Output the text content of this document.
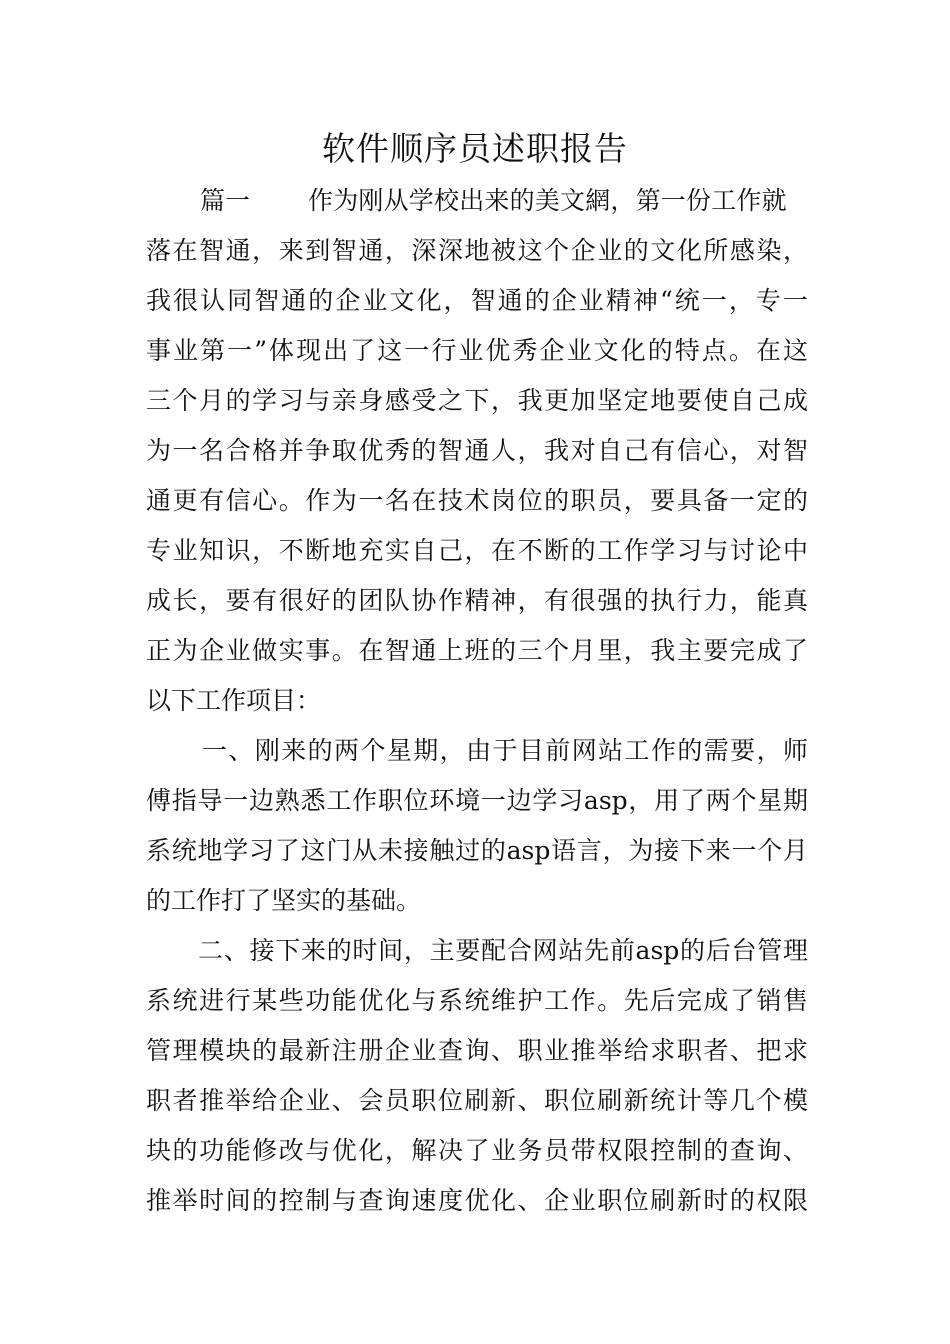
软件顺序员述职报告
篇一 作为刚从学校出来的美文網，第一份工作就
落在智通，来到智通，深深地被这个企业的文化所感染，
我很认同智通的企业文化，智通的企业精神“统一，专一
事业第一”体现出了这一行业优秀企业文化的特点。在这
三个月的学习与亲身感受之下，我更加坚定地要使自己成
为一名合格并争取优秀的智通人，我对自己有信心，对智
通更有信心。作为一名在技术岗位的职员，要具备一定的
专业知识，不断地充实自己，在不断的工作学习与讨论中
成长，要有很好的团队协作精神，有很强的执行力，能真
正为企业做实事。在智通上班的三个月里，我主要完成了
以下工作项目：
一、刚来的两个星期，由于目前网站工作的需要，师
傅指导一边熟悉工作职位环境一边学习asp，用了两个星期
系统地学习了这门从未接触过的asp语言，为接下来一个月
的工作打了坚实的基础。
二、接下来的时间，主要配合网站先前asp的后台管理
系统进行某些功能优化与系统维护工作。先后完成了销售
管理模块的最新注册企业查询、职业推举给求职者、把求
职者推举给企业、会员职位刷新、职位刷新统计等几个模
块的功能修改与优化，解决了业务员带权限控制的查询、
推举时间的控制与查询速度优化、企业职位刷新时的权限
